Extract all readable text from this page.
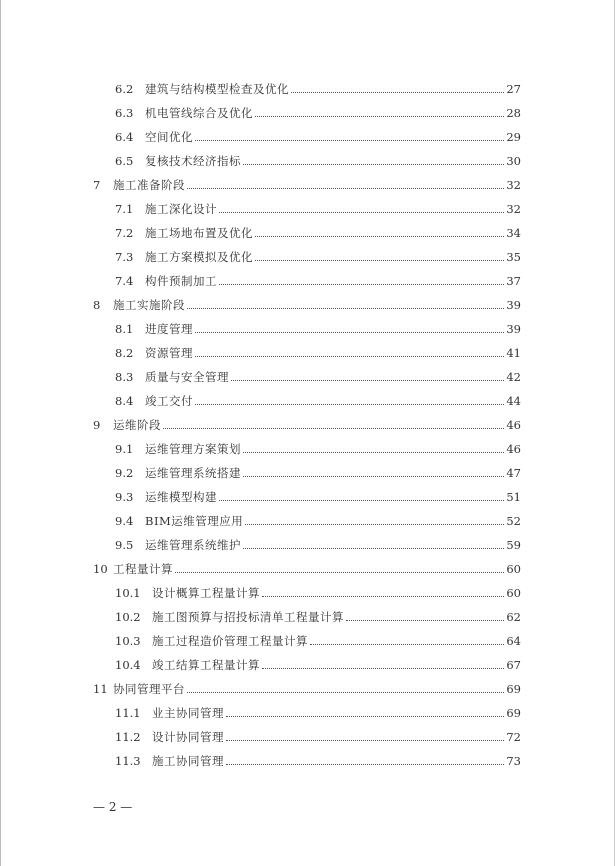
6.2	建筑与结构模型检查及优化	27
6.3	机电管线综合及优化	28
6.4	空间优化	29
6.5	复核技术经济指标	30
7	施工准备阶段	32
7.1	施工深化设计	32
7.2	施工场地布置及优化	34
7.3	施工方案模拟及优化	35
7.4	构件预制加工	37
8	施工实施阶段	39
8.1	进度管理	39
8.2	资源管理	41
8.3	质量与安全管理	42
8.4	竣工交付	44
9	运维阶段	46
9.1	运维管理方案策划	46
9.2	运维管理系统搭建	47
9.3	运维模型构建	51
9.4	BIM运维管理应用	52
9.5	运维管理系统维护	59
10 工程量计算	60
10.1 设计概算工程量计算	60
10.2 施工图预算与招投标清单工程量计算	62
10.3 施工过程造价管理工程量计算	64
10.4 竣工结算工程量计算	67
11 协同管理平台	69
11.1 业主协同管理	69
11.2 设计协同管理	72
11.3 施工协同管理	73
— 2 —
